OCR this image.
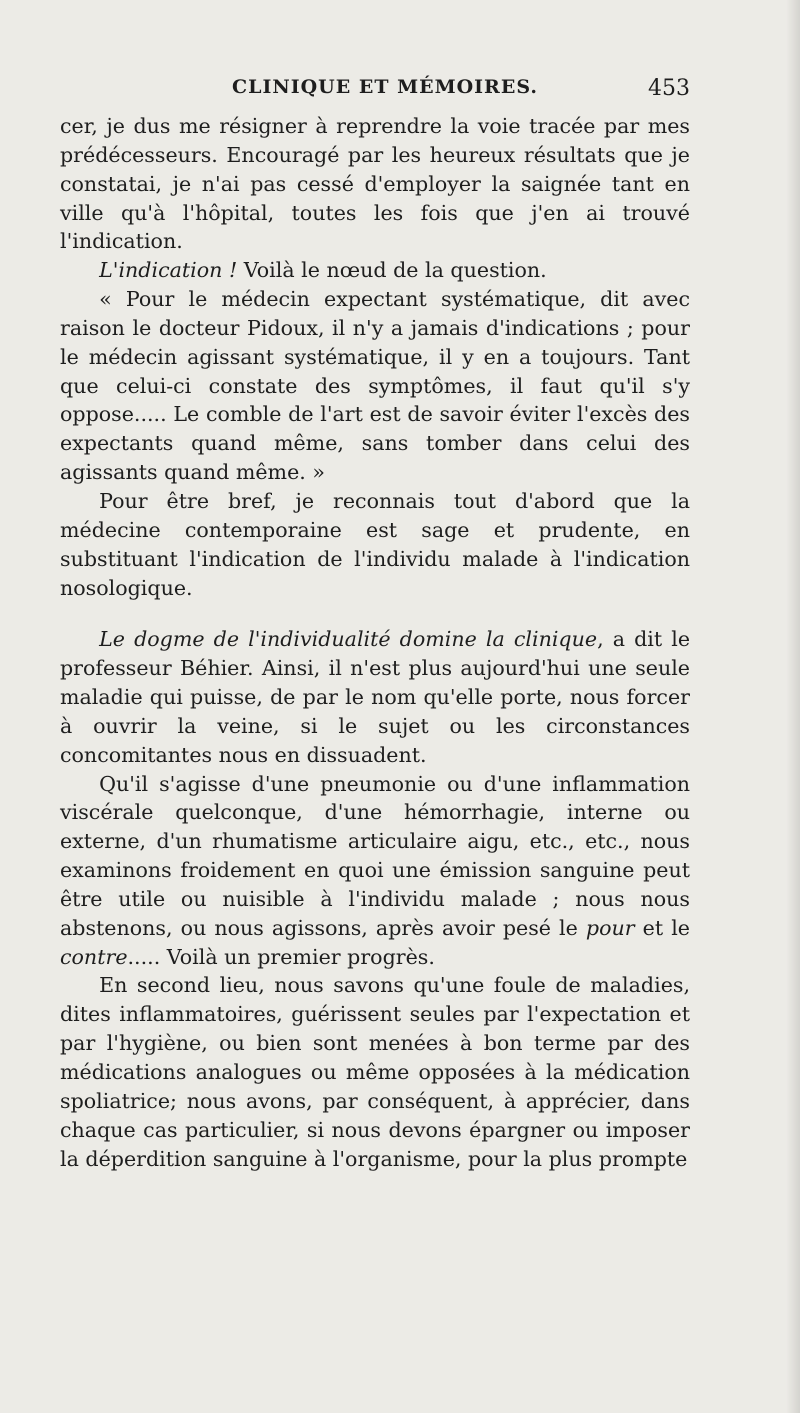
CLINIQUE ET MÉMOIRES.	453

cer, je dus me résigner à reprendre la voie tracée par mes prédécesseurs. Encouragé par les heureux résultats que je constatai, je n'ai pas cessé d'employer la saignée tant en ville qu'à l'hôpital, toutes les fois que j'en ai trouvé l'indication.

L'indication ! Voilà le nœud de la question.

« Pour le médecin expectant systématique, dit avec raison le docteur Pidoux, il n'y a jamais d'indications ; pour le médecin agissant systématique, il y en a toujours. Tant que celui-ci constate des symptômes, il faut qu'il s'y oppose..... Le comble de l'art est de savoir éviter l'excès des expectants quand même, sans tomber dans celui des agissants quand même. »

Pour être bref, je reconnais tout d'abord que la médecine contemporaine est sage et prudente, en substituant l'indication de l'individu malade à l'indication nosologique.

Le dogme de l'individualité domine la clinique, a dit le professeur Béhier. Ainsi, il n'est plus aujourd'hui une seule maladie qui puisse, de par le nom qu'elle porte, nous forcer à ouvrir la veine, si le sujet ou les circonstances concomitantes nous en dissuadent.

Qu'il s'agisse d'une pneumonie ou d'une inflammation viscérale quelconque, d'une hémorrhagie, interne ou externe, d'un rhumatisme articulaire aigu, etc., etc., nous examinons froidement en quoi une émission sanguine peut être utile ou nuisible à l'individu malade ; nous nous abstenons, ou nous agissons, après avoir pesé le pour et le contre..... Voilà un premier progrès.

En second lieu, nous savons qu'une foule de maladies, dites inflammatoires, guérissent seules par l'expectation et par l'hygiène, ou bien sont menées à bon terme par des médications analogues ou même opposées à la médication spoliatrice; nous avons, par conséquent, à apprécier, dans chaque cas particulier, si nous devons épargner ou imposer la déperdition sanguine à l'organisme, pour la plus prompte
